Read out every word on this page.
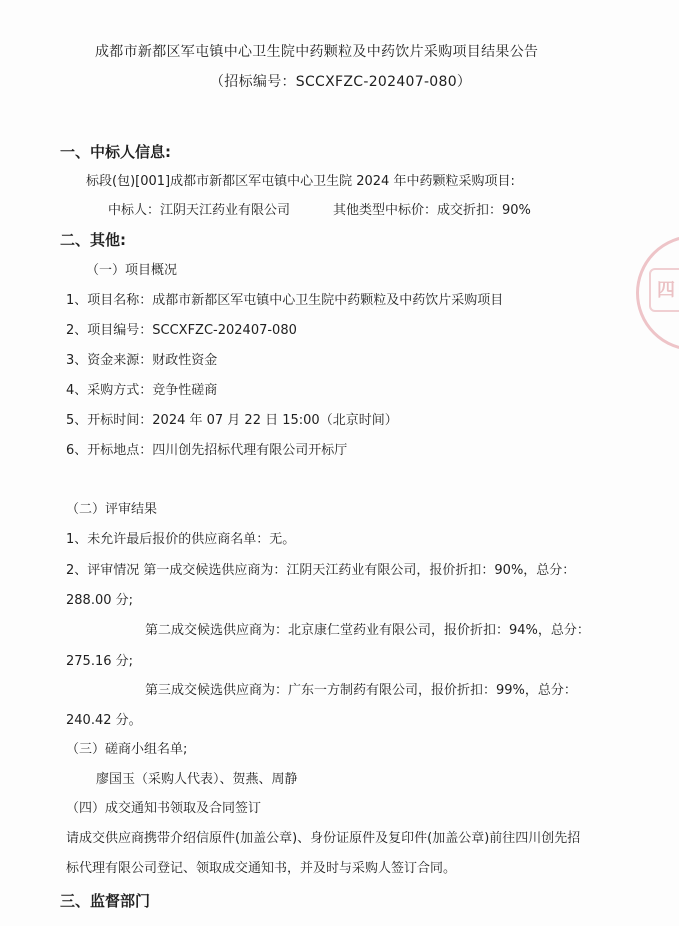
成都市新都区军屯镇中心卫生院中药颗粒及中药饮片采购项目结果公告
（招标编号：SCCXFZC-202407-080）
一、中标人信息:
标段(包)[001]成都市新都区军屯镇中心卫生院 2024 年中药颗粒采购项目:
中标人：江阴天江药业有限公司	其他类型中标价：成交折扣：90%
二、其他:
（一）项目概况
1、项目名称：成都市新都区军屯镇中心卫生院中药颗粒及中药饮片采购项目
2、项目编号：SCCXFZC-202407-080
3、资金来源：财政性资金
4、采购方式：竞争性磋商
5、开标时间：2024 年 07 月 22 日 15:00（北京时间）
6、开标地点：四川创先招标代理有限公司开标厅
（二）评审结果
1、未允许最后报价的供应商名单：无。
2、评审情况 第一成交候选供应商为：江阴天江药业有限公司，报价折扣：90%，总分：
288.00 分;
第二成交候选供应商为：北京康仁堂药业有限公司，报价折扣：94%，总分：
275.16 分;
第三成交候选供应商为：广东一方制药有限公司，报价折扣：99%，总分：
240.42 分。
（三）磋商小组名单;
廖国玉（采购人代表）、贺燕、周静
（四）成交通知书领取及合同签订
请成交供应商携带介绍信原件(加盖公章)、身份证原件及复印件(加盖公章)前往四川创先招
标代理有限公司登记、领取成交通知书，并及时与采购人签订合同。
三、监督部门
四
